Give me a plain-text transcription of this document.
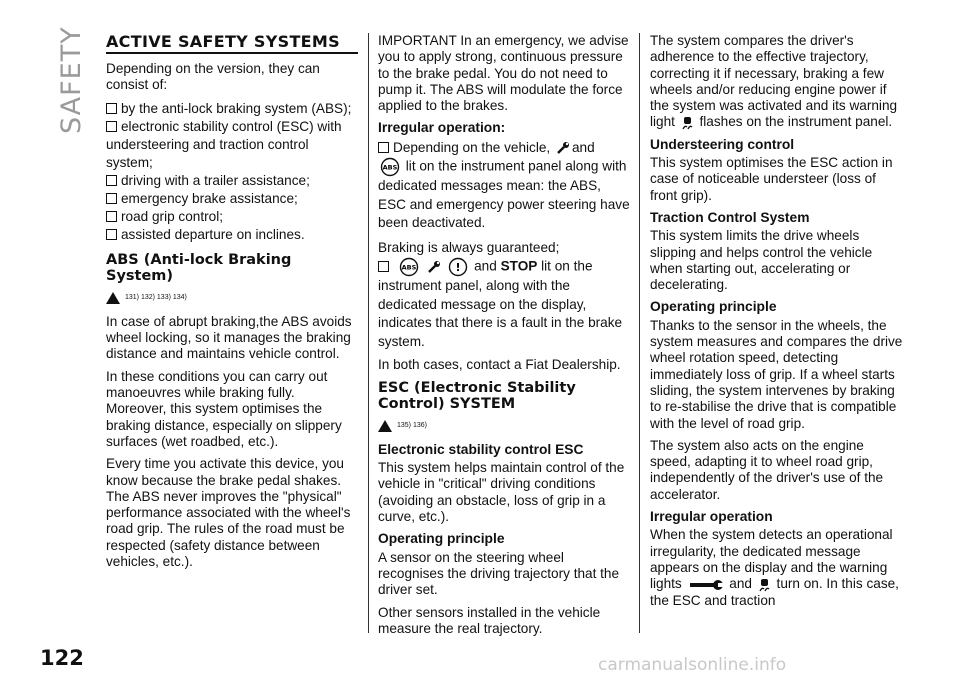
SAFETY ACTIVE SAFETY SYSTEMS

Depending on the version, they can consist of:

by the anti-lock braking system (ABS);
electronic stability control (ESC) with understeering and traction control system;
driving with a trailer assistance;
emergency brake assistance;
road grip control;
assisted departure on inclines.
ABS (Anti-lock Braking System)
131) 132) 133) 134)

In case of abrupt braking,the ABS avoids wheel locking, so it manages the braking distance and maintains vehicle control.

In these conditions you can carry out manoeuvres while braking fully. Moreover, this system optimises the braking distance, especially on slippery surfaces (wet roadbed, etc.).

Every time you activate this device, you know because the brake pedal shakes. The ABS never improves the "physical" performance associated with the wheel's road grip. The rules of the road must be respected (safety distance between vehicles, etc.).

IMPORTANT In an emergency, we advise you to apply strong, continuous pressure to the brake pedal. You do not need to pump it. The ABS will modulate the force applied to the brakes.

Irregular operation:

Depending on the vehicle, and

ABS lit on the instrument panel along with dedicated messages mean: the ABS, ESC and emergency power steering have been deactivated.

Braking is always guaranteed;

ABS
	! and STOP lit on the instrument panel, along with the dedicated message on the display, indicates that there is a fault in the brake system.

In both cases, contact a Fiat Dealership.

ESC (Electronic Stability Control) SYSTEM
135) 136)
Electronic stability control ESC

This system helps maintain control of the vehicle in "critical" driving conditions (avoiding an obstacle, loss of grip in a curve, etc.).

Operating principle

A sensor on the steering wheel recognises the driving trajectory that the driver set.

Other sensors installed in the vehicle measure the real trajectory.

The system compares the driver's adherence to the effective trajectory, correcting it if necessary, braking a few wheels and/or reducing engine power if the system was activated and its warning light flashes on the instrument panel.

Understeering control

This system optimises the ESC action in case of noticeable understeer (loss of front grip).

Traction Control System

This system limits the drive wheels slipping and helps control the vehicle when starting out, accelerating or decelerating.

Operating principle

Thanks to the sensor in the wheels, the system measures and compares the drive wheel rotation speed, detecting immediately loss of grip. If a wheel starts sliding, the system intervenes by braking to re-stabilise the drive that is compatible with the level of road grip.

The system also acts on the engine speed, adapting it to wheel road grip, independently of the driver's use of the accelerator.

Irregular operation

When the system detects an operational irregularity, the dedicated message appears on the display and the warning lights	and turn on. In this case, the ESC and traction

122	carmanualsonline.info
